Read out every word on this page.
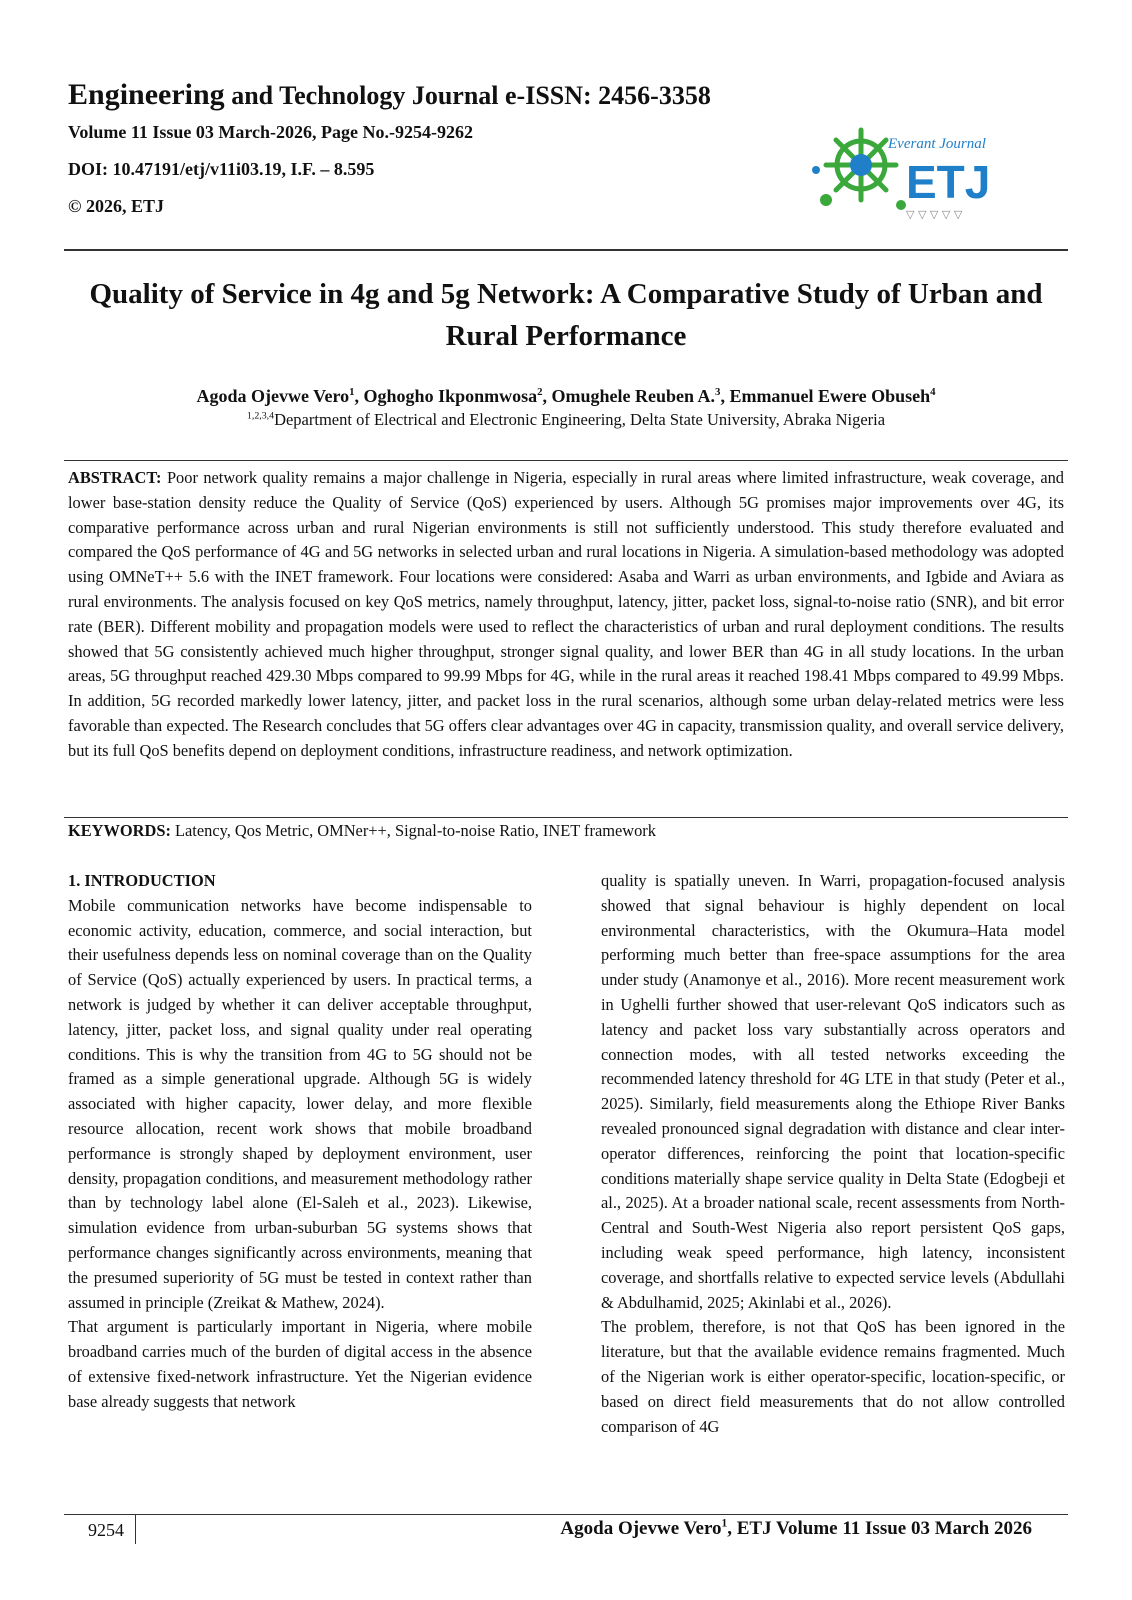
Engineering and Technology Journal e-ISSN: 2456-3358
Volume 11 Issue 03 March-2026, Page No.-9254-9262
DOI: 10.47191/etj/v11i03.19, I.F. – 8.595
© 2026, ETJ
Everant Journal
ETJ
▽ ▽ ▽ ▽ ▽
Quality of Service in 4g and 5g Network: A Comparative Study of Urban and Rural Performance
Agoda Ojevwe Vero$^1$, Oghogho Ikponmwosa$^2$, Omughele Reuben A.$^3$, Emmanuel Ewere Obuseh$^4$
$^{1,2,3,4}$Department of Electrical and Electronic Engineering, Delta State University, Abraka Nigeria
ABSTRACT: Poor network quality remains a major challenge in Nigeria, especially in rural areas where limited infrastructure, weak coverage, and lower base-station density reduce the Quality of Service (QoS) experienced by users. Although 5G promises major improvements over 4G, its comparative performance across urban and rural Nigerian environments is still not sufficiently understood. This study therefore evaluated and compared the QoS performance of 4G and 5G networks in selected urban and rural locations in Nigeria. A simulation-based methodology was adopted using OMNeT++ 5.6 with the INET framework. Four locations were considered: Asaba and Warri as urban environments, and Igbide and Aviara as rural environments. The analysis focused on key QoS metrics, namely throughput, latency, jitter, packet loss, signal-to-noise ratio (SNR), and bit error rate (BER). Different mobility and propagation models were used to reflect the characteristics of urban and rural deployment conditions. The results showed that 5G consistently achieved much higher throughput, stronger signal quality, and lower BER than 4G in all study locations. In the urban areas, 5G throughput reached 429.30 Mbps compared to 99.99 Mbps for 4G, while in the rural areas it reached 198.41 Mbps compared to 49.99 Mbps. In addition, 5G recorded markedly lower latency, jitter, and packet loss in the rural scenarios, although some urban delay-related metrics were less favorable than expected. The Research concludes that 5G offers clear advantages over 4G in capacity, transmission quality, and overall service delivery, but its full QoS benefits depend on deployment conditions, infrastructure readiness, and network optimization.
KEYWORDS: Latency, Qos Metric, OMNer++, Signal-to-noise Ratio, INET framework
1. INTRODUCTION

Mobile communication networks have become indispensable to economic activity, education, commerce, and social interaction, but their usefulness depends less on nominal coverage than on the Quality of Service (QoS) actually experienced by users. In practical terms, a network is judged by whether it can deliver acceptable throughput, latency, jitter, packet loss, and signal quality under real operating conditions. This is why the transition from 4G to 5G should not be framed as a simple generational upgrade. Although 5G is widely associated with higher capacity, lower delay, and more flexible resource allocation, recent work shows that mobile broadband performance is strongly shaped by deployment environment, user density, propagation conditions, and measurement methodology rather than by technology label alone (El-Saleh et al., 2023). Likewise, simulation evidence from urban-suburban 5G systems shows that performance changes significantly across environments, meaning that the presumed superiority of 5G must be tested in context rather than assumed in principle (Zreikat & Mathew, 2024).

That argument is particularly important in Nigeria, where mobile broadband carries much of the burden of digital access in the absence of extensive fixed-network infrastructure. Yet the Nigerian evidence base already suggests that network

quality is spatially uneven. In Warri, propagation-focused analysis showed that signal behaviour is highly dependent on local environmental characteristics, with the Okumura–Hata model performing much better than free-space assumptions for the area under study (Anamonye et al., 2016). More recent measurement work in Ughelli further showed that user-relevant QoS indicators such as latency and packet loss vary substantially across operators and connection modes, with all tested networks exceeding the recommended latency threshold for 4G LTE in that study (Peter et al., 2025). Similarly, field measurements along the Ethiope River Banks revealed pronounced signal degradation with distance and clear inter-operator differences, reinforcing the point that location-specific conditions materially shape service quality in Delta State (Edogbeji et al., 2025). At a broader national scale, recent assessments from North-Central and South-West Nigeria also report persistent QoS gaps, including weak speed performance, high latency, inconsistent coverage, and shortfalls relative to expected service levels (Abdullahi & Abdulhamid, 2025; Akinlabi et al., 2026).

The problem, therefore, is not that QoS has been ignored in the literature, but that the available evidence remains fragmented. Much of the Nigerian work is either operator-specific, location-specific, or based on direct field measurements that do not allow controlled comparison of 4G

9254	Agoda Ojevwe Vero$^1$, ETJ Volume 11 Issue 03 March 2026
